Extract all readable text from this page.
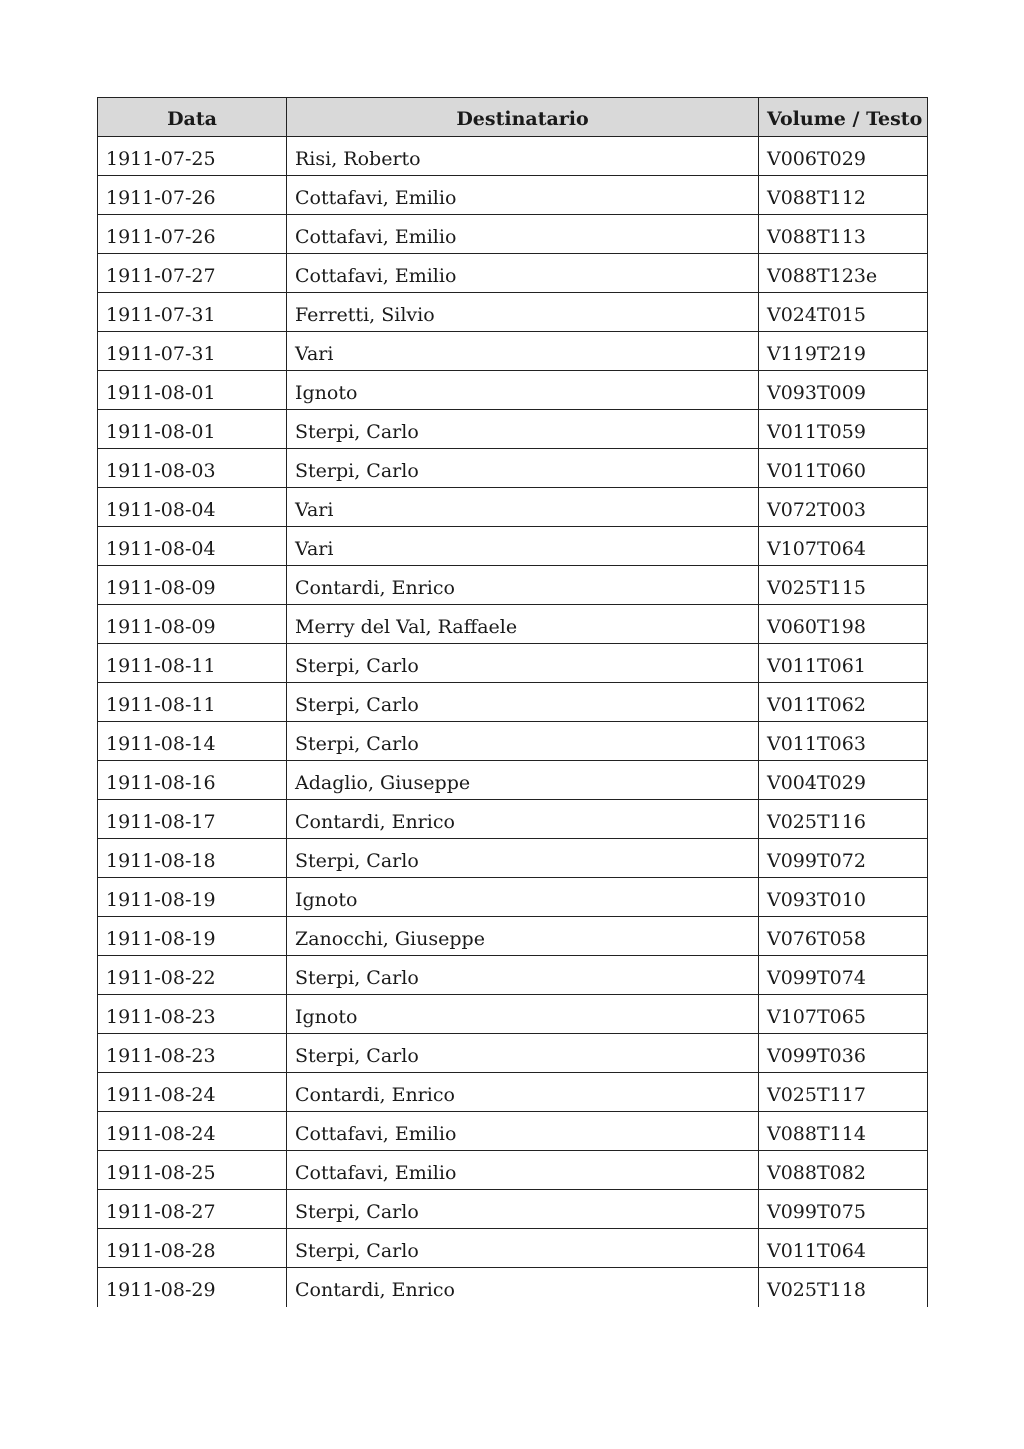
Data	Destinatario	Volume / Testo
1911-07-25	Risi, Roberto	V006T029
1911-07-26	Cottafavi, Emilio	V088T112
1911-07-26	Cottafavi, Emilio	V088T113
1911-07-27	Cottafavi, Emilio	V088T123e
1911-07-31	Ferretti, Silvio	V024T015
1911-07-31	Vari	V119T219
1911-08-01	Ignoto	V093T009
1911-08-01	Sterpi, Carlo	V011T059
1911-08-03	Sterpi, Carlo	V011T060
1911-08-04	Vari	V072T003
1911-08-04	Vari	V107T064
1911-08-09	Contardi, Enrico	V025T115
1911-08-09	Merry del Val, Raffaele	V060T198
1911-08-11	Sterpi, Carlo	V011T061
1911-08-11	Sterpi, Carlo	V011T062
1911-08-14	Sterpi, Carlo	V011T063
1911-08-16	Adaglio, Giuseppe	V004T029
1911-08-17	Contardi, Enrico	V025T116
1911-08-18	Sterpi, Carlo	V099T072
1911-08-19	Ignoto	V093T010
1911-08-19	Zanocchi, Giuseppe	V076T058
1911-08-22	Sterpi, Carlo	V099T074
1911-08-23	Ignoto	V107T065
1911-08-23	Sterpi, Carlo	V099T036
1911-08-24	Contardi, Enrico	V025T117
1911-08-24	Cottafavi, Emilio	V088T114
1911-08-25	Cottafavi, Emilio	V088T082
1911-08-27	Sterpi, Carlo	V099T075
1911-08-28	Sterpi, Carlo	V011T064
1911-08-29	Contardi, Enrico	V025T118
